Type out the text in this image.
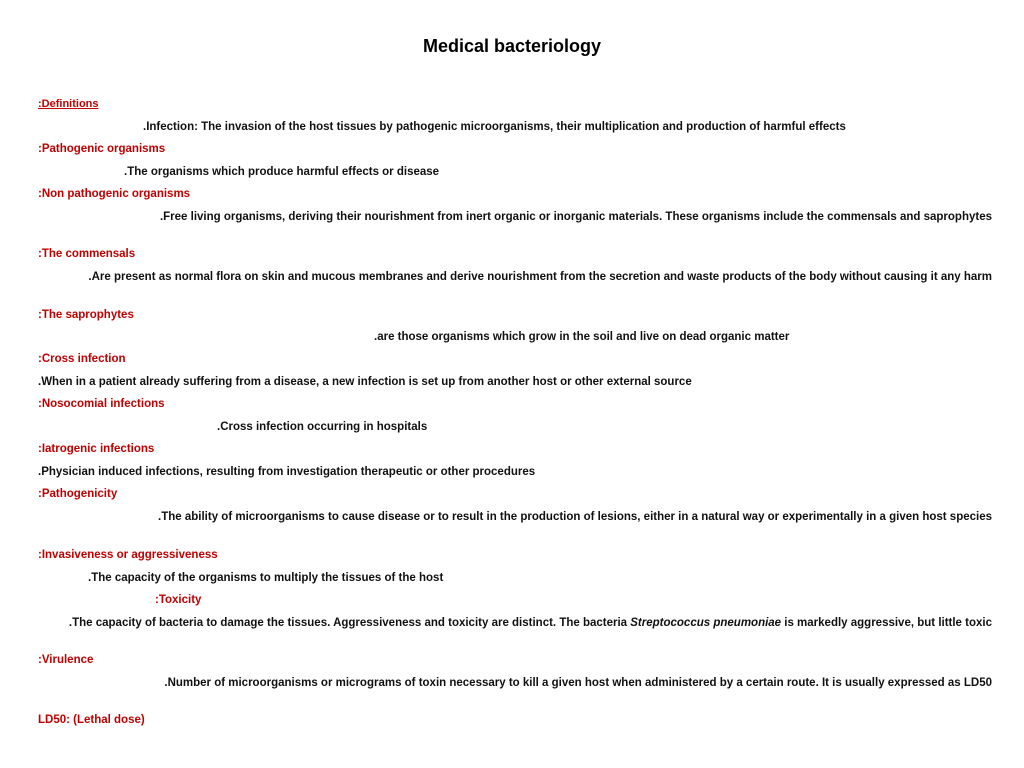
Medical bacteriology
:Definitions
.Infection: The invasion of the host tissues by pathogenic microorganisms, their multiplication and production of harmful effects
:Pathogenic organisms
.The organisms which produce harmful effects or disease
:Non pathogenic organisms
.Free living organisms, deriving their nourishment from inert organic or inorganic materials. These organisms include the commensals and saprophytes
:The commensals
.Are present as normal flora on skin and mucous membranes and derive nourishment from the secretion and waste products of the body without causing it any harm
:The saprophytes
.are those organisms which grow in the soil and live on dead organic matter
:Cross infection
.When in a patient already suffering from a disease, a new infection is set up from another host or other external source
:Nosocomial infections
.Cross infection occurring in hospitals
:Iatrogenic infections
.Physician induced infections, resulting from investigation therapeutic or other procedures
:Pathogenicity
.The ability of microorganisms to cause disease or to result in the production of lesions, either in a natural way or experimentally in a given host species
:Invasiveness or aggressiveness
.The capacity of the organisms to multiply the tissues of the host
:Toxicity
.The capacity of bacteria to damage the tissues. Aggressiveness and toxicity are distinct. The bacteria Streptococcus pneumoniae is markedly aggressive, but little toxic
:Virulence
.Number of microorganisms or micrograms of toxin necessary to kill a given host when administered by a certain route. It is usually expressed as LD50
LD50: (Lethal dose)
